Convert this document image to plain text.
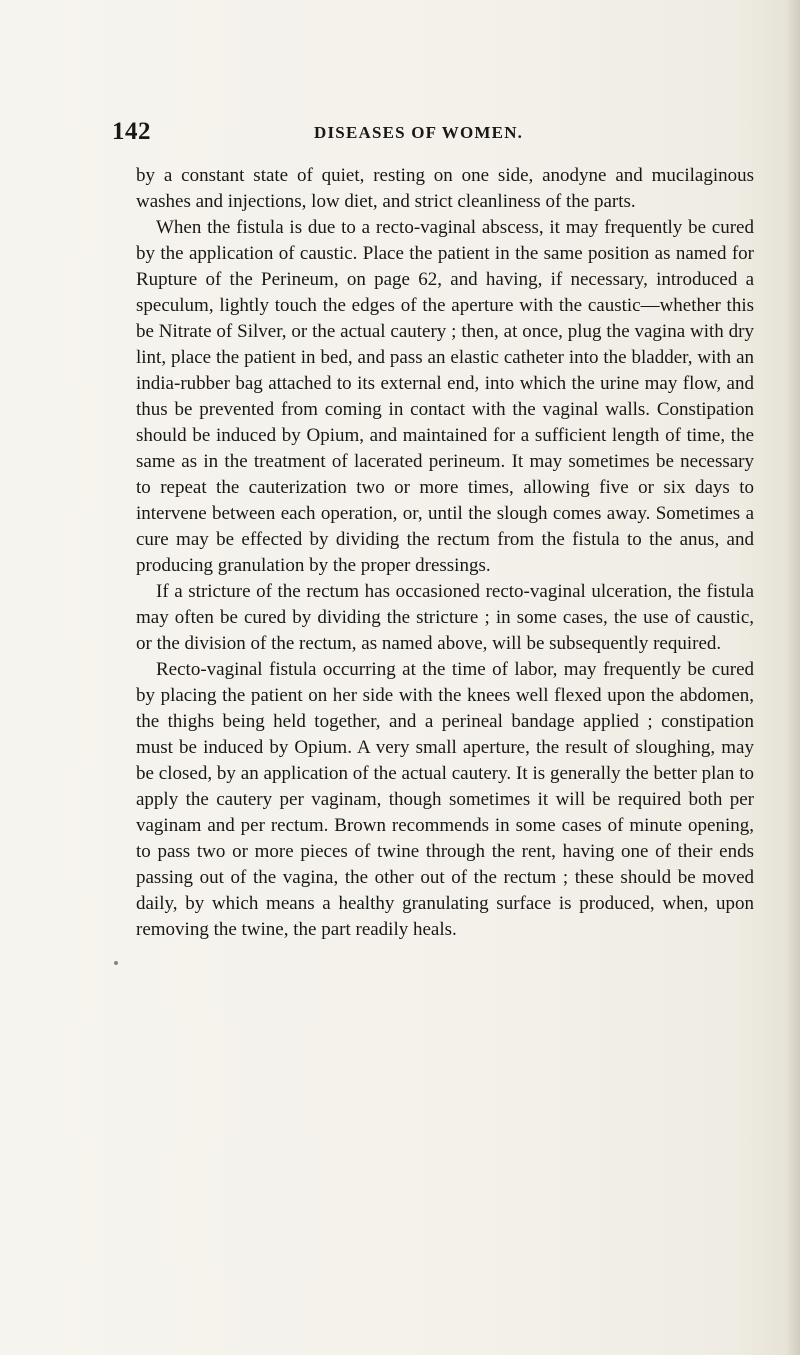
142	DISEASES OF WOMEN.

by a constant state of quiet, resting on one side, anodyne and mucilaginous washes and injections, low diet, and strict cleanliness of the parts.

When the fistula is due to a recto-vaginal abscess, it may frequently be cured by the application of caustic. Place the patient in the same position as named for Rupture of the Perineum, on page 62, and having, if necessary, introduced a speculum, lightly touch the edges of the aperture with the caustic—whether this be Nitrate of Silver, or the actual cautery ; then, at once, plug the vagina with dry lint, place the patient in bed, and pass an elastic catheter into the bladder, with an india-rubber bag attached to its external end, into which the urine may flow, and thus be prevented from coming in contact with the vaginal walls. Constipation should be induced by Opium, and maintained for a sufficient length of time, the same as in the treatment of lacerated perineum. It may sometimes be necessary to repeat the cauterization two or more times, allowing five or six days to intervene between each operation, or, until the slough comes away. Sometimes a cure may be effected by dividing the rectum from the fistula to the anus, and producing granulation by the proper dressings.

If a stricture of the rectum has occasioned recto-vaginal ulceration, the fistula may often be cured by dividing the stricture ; in some cases, the use of caustic, or the division of the rectum, as named above, will be subsequently required.

Recto-vaginal fistula occurring at the time of labor, may frequently be cured by placing the patient on her side with the knees well flexed upon the abdomen, the thighs being held together, and a perineal bandage applied ; constipation must be induced by Opium. A very small aperture, the result of sloughing, may be closed, by an application of the actual cautery. It is generally the better plan to apply the cautery per vaginam, though sometimes it will be required both per vaginam and per rectum. Brown recommends in some cases of minute opening, to pass two or more pieces of twine through the rent, having one of their ends passing out of the vagina, the other out of the rectum ; these should be moved daily, by which means a healthy granulating surface is produced, when, upon removing the twine, the part readily heals.
